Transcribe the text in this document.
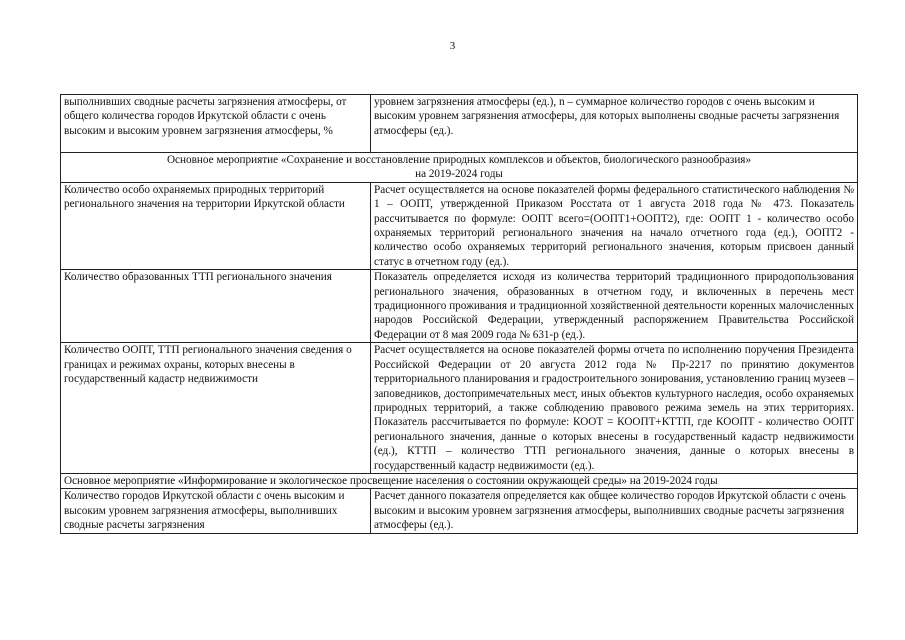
3
выполнивших сводные расчеты загрязнения атмосферы, от общего количества городов Иркутской области с очень высоким и высоким уровнем загрязнения атмосферы, %	уровнем загрязнения атмосферы (ед.), n – суммарное количество городов с очень высоким и высоким уровнем загрязнения атмосферы, для которых выполнены сводные расчеты загрязнения атмосферы (ед.).

Основное мероприятие «Сохранение и восстановление природных комплексов и объектов, биологического разнообразия»
на 2019-2024 годы	

Количество особо охраняемых природных территорий регионального значения на территории Иркутской области	Расчет осуществляется на основе показателей формы федерального статистического наблюдения № 1 – ООПТ, утвержденной Приказом Росстата от 1 августа 2018 года № 473. Показатель рассчитывается по формуле: ООПТ всего=(ООПТ1+ООПТ2), где: ООПТ 1 - количество особо охраняемых территорий регионального значения на начало отчетного года (ед.), ООПТ2 - количество особо охраняемых территорий регионального значения, которым присвоен данный статус в отчетном году (ед.).
Количество образованных ТТП регионального значения	Показатель определяется исходя из количества территорий традиционного природопользования регионального значения, образованных в отчетном году, и включенных в перечень мест традиционного проживания и традиционной хозяйственной деятельности коренных малочисленных народов Российской Федерации, утвержденный распоряжением Правительства Российской Федерации от 8 мая 2009 года № 631-р (ед.).
Количество ООПТ, ТТП регионального значения сведения о границах и режимах охраны, которых внесены в государственный кадастр недвижимости	Расчет осуществляется на основе показателей формы отчета по исполнению поручения Президента Российской Федерации от 20 августа 2012 года № Пр-2217 по принятию документов территориального планирования и градостроительного зонирования, установлению границ музеев – заповедников, достопримечательных мест, иных объектов культурного наследия, особо охраняемых природных территорий, а также соблюдению правового режима земель на этих территориях. Показатель рассчитывается по формуле: КООТ = КООПТ+КТТП, где КООПТ - количество ООПТ регионального значения, данные о которых внесены в государственный кадастр недвижимости (ед.), КТТП – количество ТТП регионального значения, данные о которых внесены в государственный кадастр недвижимости (ед.).
Основное мероприятие «Информирование и экологическое просвещение населения о состоянии окружающей среды» на 2019-2024 годы	
Количество городов Иркутской области с очень высоким и высоким уровнем загрязнения атмосферы, выполнивших сводные расчеты загрязнения	Расчет данного показателя определяется как общее количество городов Иркутской области с очень высоким и высоким уровнем загрязнения атмосферы, выполнивших сводные расчеты загрязнения атмосферы (ед.).
